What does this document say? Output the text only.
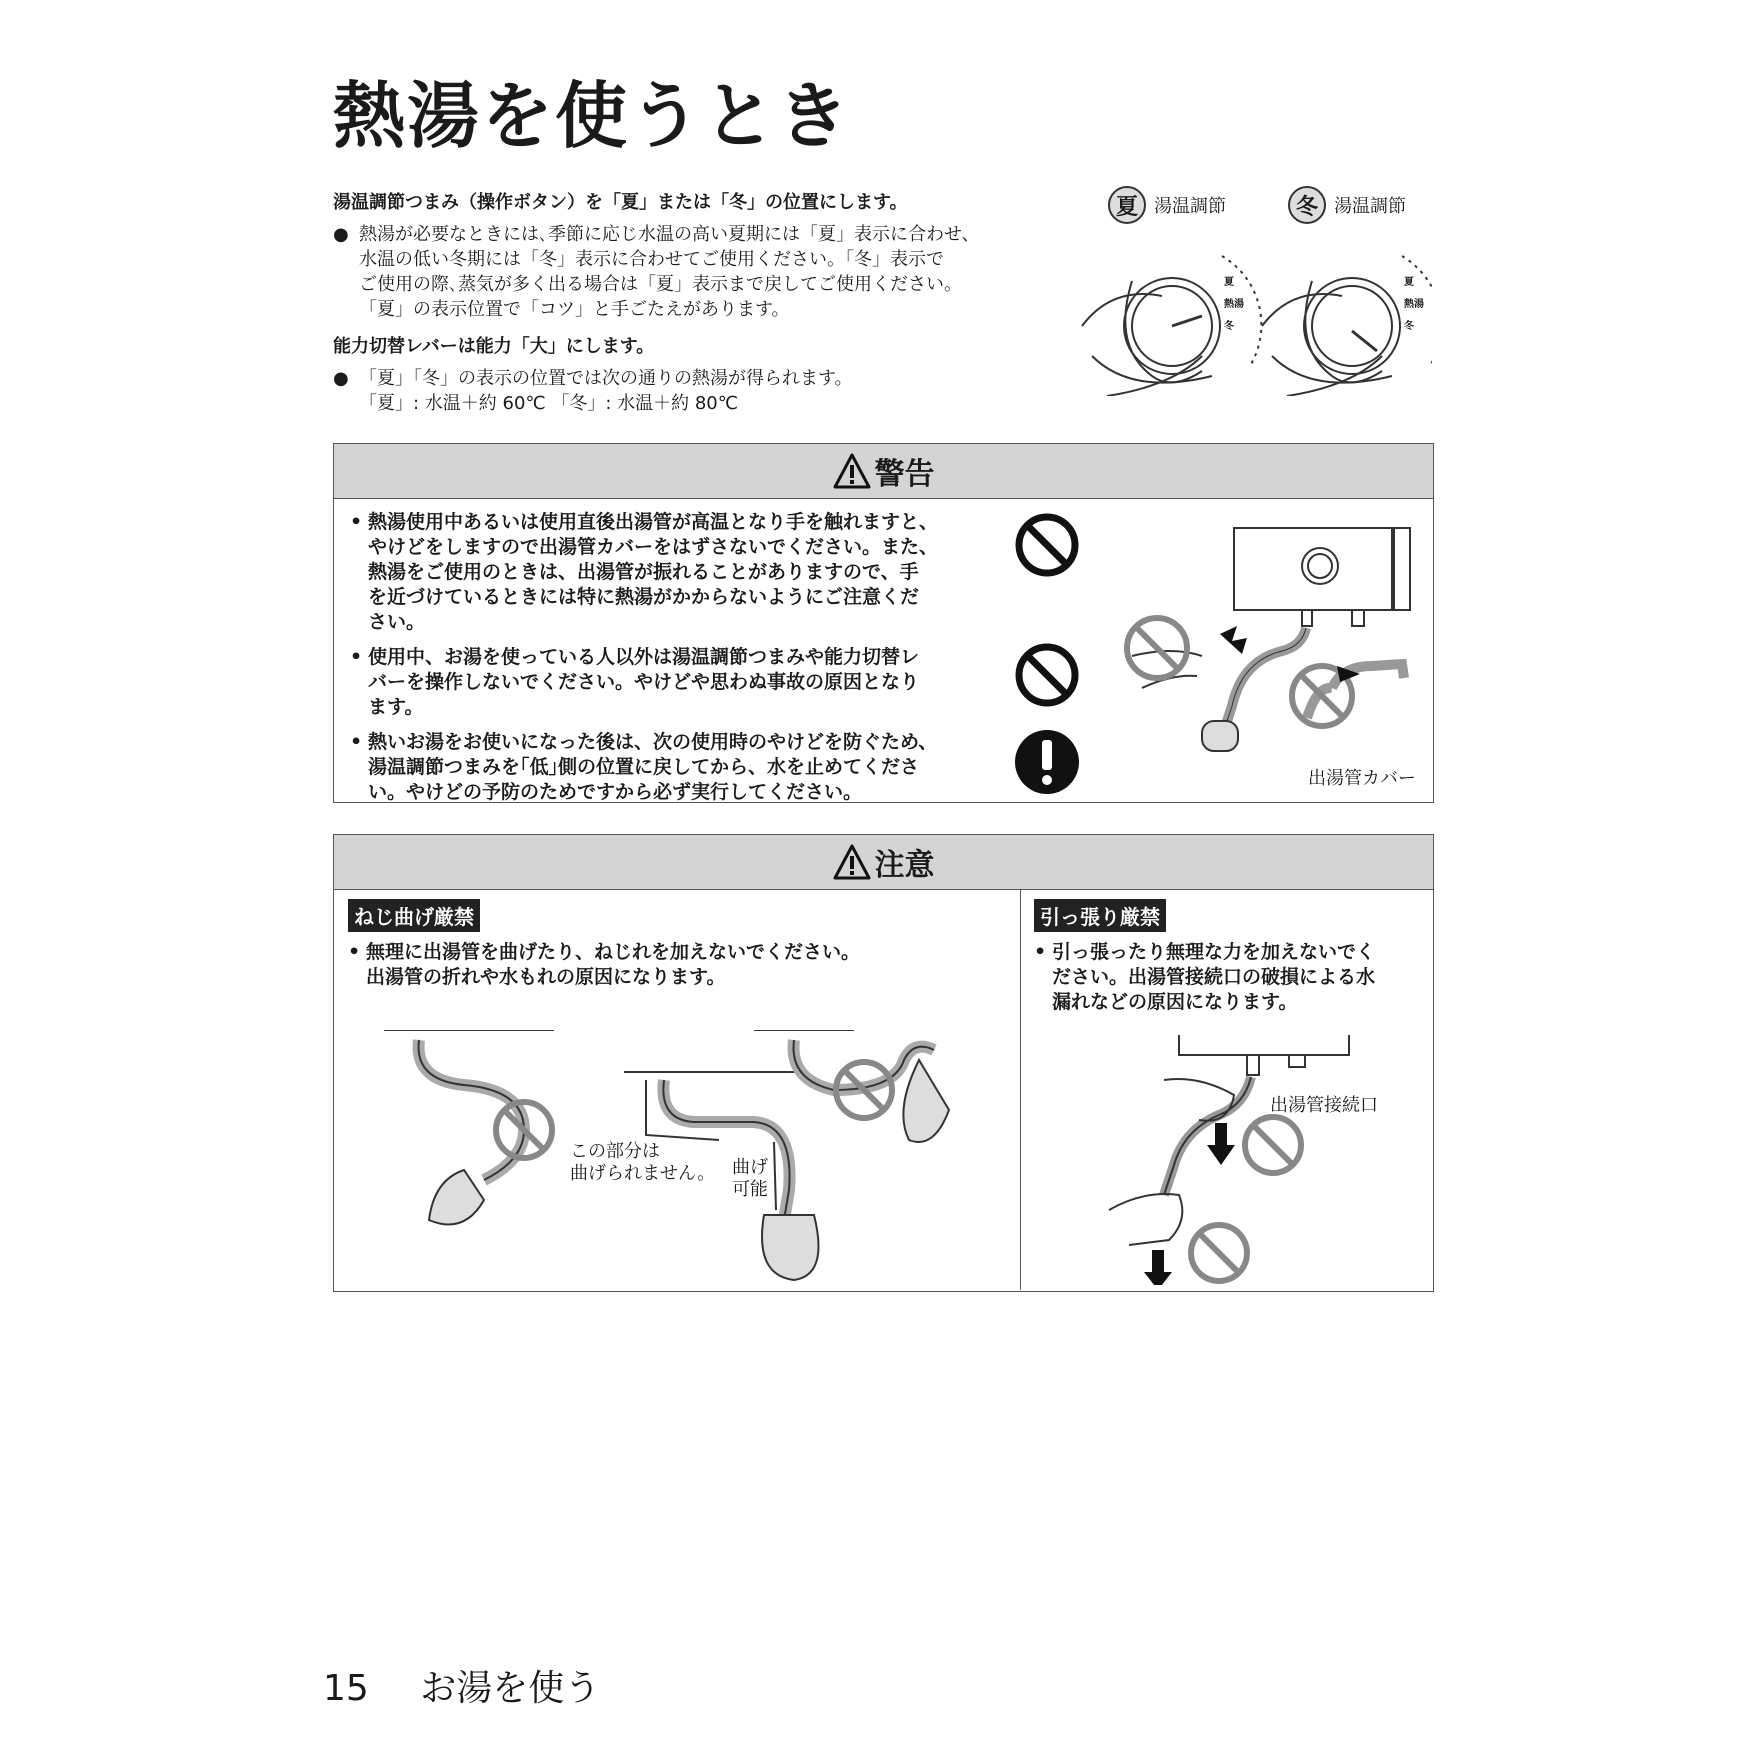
熱湯を使うとき

湯温調節つまみ（操作ボタン）を「夏」または「冬」の位置にします。

● 熱湯が必要なときには､季節に応じ水温の高い夏期には「夏」表示に合わせ、
水温の低い冬期には「冬」表示に合わせてご使用ください。「冬」表示で
ご使用の際､蒸気が多く出る場合は「夏」表示まで戻してご使用ください。
「夏」の表示位置で「コツ」と手ごたえがあります。

能力切替レバーは能力「大」にします。

● 「夏」「冬」の表示の位置では次の通りの熱湯が得られます。
「夏」: 水温＋約 60℃ 「冬」: 水温＋約 80℃
夏 湯温調節	冬 湯温調節
夏
熱湯
冬
夏
熱湯
冬
警告
• 熱湯使用中あるいは使用直後出湯管が高温となり手を触れますと、
やけどをしますので出湯管カバーをはずさないでください。また、
熱湯をご使用のときは、出湯管が振れることがありますので、手
を近づけているときには特に熱湯がかからないようにご注意くだ
さい。
• 使用中、お湯を使っている人以外は湯温調節つまみや能力切替レ
バーを操作しないでください。やけどや思わぬ事故の原因となり
ます。
• 熱いお湯をお使いになった後は、次の使用時のやけどを防ぐため、
湯温調節つまみを｢低｣側の位置に戻してから、水を止めてくださ
い。やけどの予防のためですから必ず実行してください。
出湯管カバー
注意
ねじ曲げ厳禁
• 無理に出湯管を曲げたり、ねじれを加えないでください。
出湯管の折れや水もれの原因になります。
この部分は
曲げられません。 曲げ
可能
引っ張り厳禁
• 引っ張ったり無理な力を加えないでく
ださい。出湯管接続口の破損による水
漏れなどの原因になります。
出湯管接続口
15 お湯を使う
